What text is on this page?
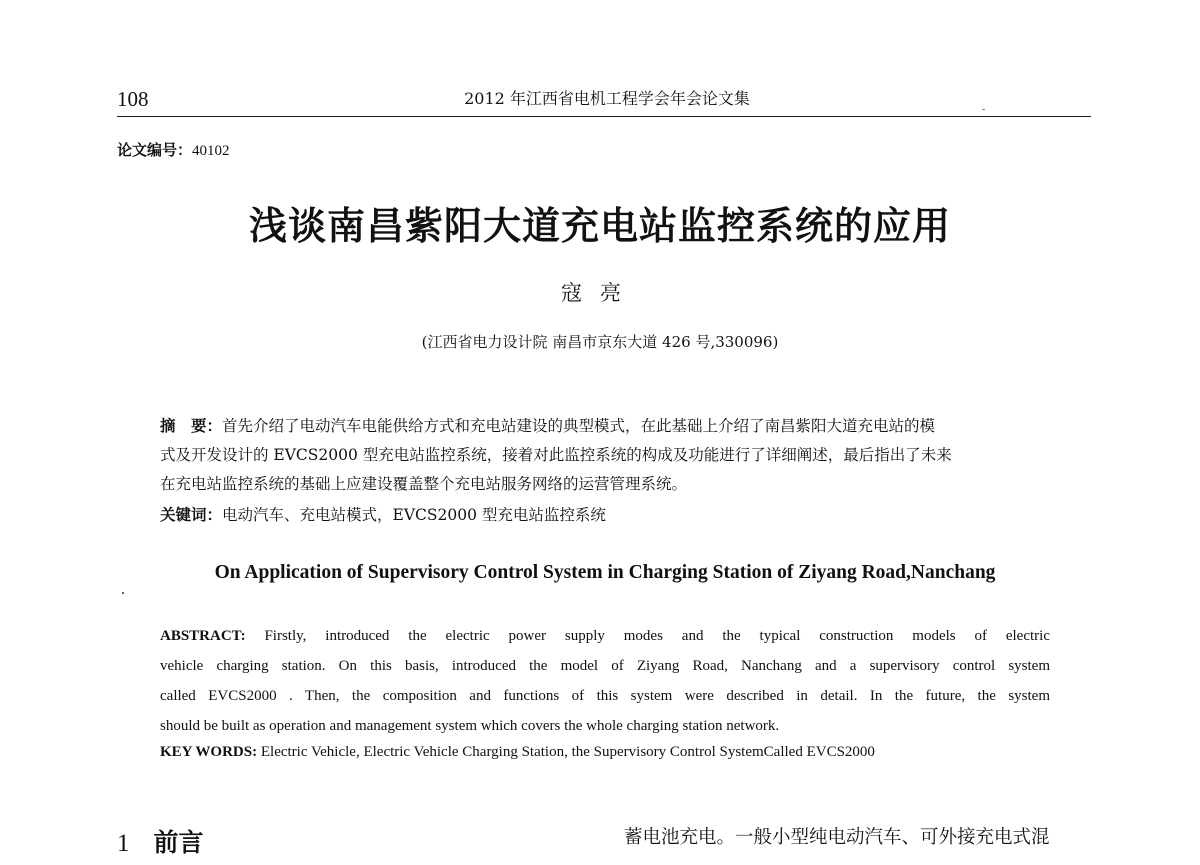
108	2012 年江西省电机工程学会年会论文集
论文编号：40102
浅谈南昌紫阳大道充电站监控系统的应用
寇亮
(江西省电力设计院 南昌市京东大道 426 号,330096)
摘　要：首先介绍了电动汽车电能供给方式和充电站建设的典型模式，在此基础上介绍了南昌紫阳大道充电站的模
式及开发设计的 EVCS2000 型充电站监控系统，接着对此监控系统的构成及功能进行了详细阐述，最后指出了未来
在充电站监控系统的基础上应建设覆盖整个充电站服务网络的运营管理系统。
关键词：电动汽车、充电站模式，EVCS2000 型充电站监控系统
On Application of Supervisory Control System in Charging Station of Ziyang Road,Nanchang
ABSTRACT: Firstly, introduced the electric power supply modes and the typical construction models of electric
vehicle charging station. On this basis, introduced the model of Ziyang Road, Nanchang and a supervisory control system
called EVCS2000 . Then, the composition and functions of this system were described in detail. In the future, the system
should be built as operation and management system which covers the whole charging station network.
KEY WORDS: Electric Vehicle, Electric Vehicle Charging Station, the Supervisory Control SystemCalled EVCS2000
1 前言	蓄电池充电。一般小型纯电动汽车、可外接充电式混
